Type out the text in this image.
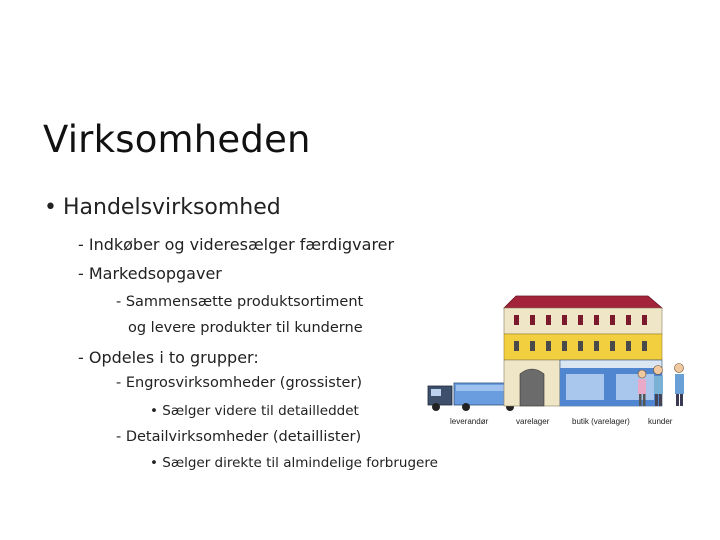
Virksomheden
• Handelsvirksomhed
- Indkøber og videresælger færdigvarer
- Markedsopgaver
- Sammensætte produktsortiment
og levere produkter til kunderne
- Opdeles i to grupper:
- Engrosvirksomheder (grossister)
• Sælger videre til detailleddet
- Detailvirksomheder (detaillister)
• Sælger direkte til almindelige forbrugere
leverandør	varelager	butik (varelager) kunder
